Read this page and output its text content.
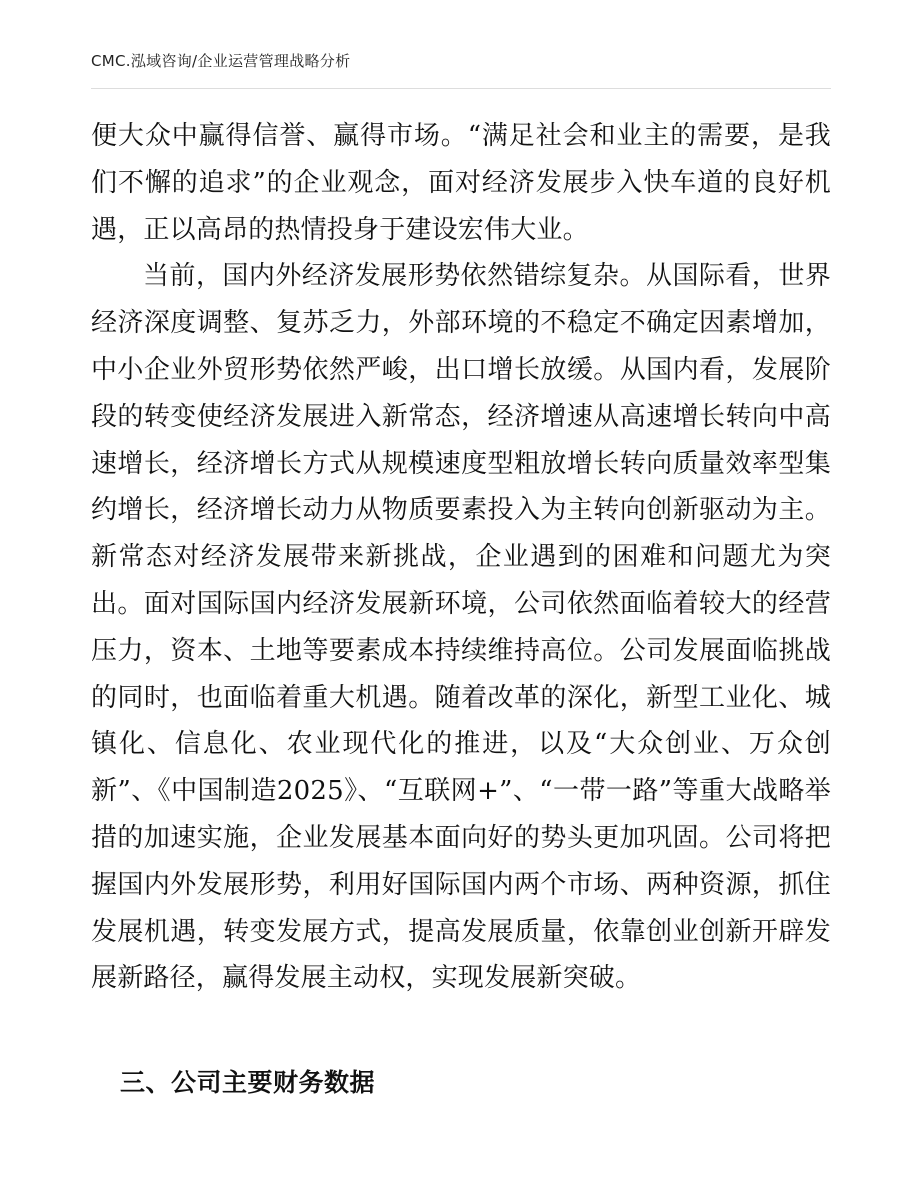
CMC.泓域咨询/企业运营管理战略分析

便大众中赢得信誉、赢得市场。“满足社会和业主的需要，是我们不懈的追求”的企业观念，面对经济发展步入快车道的良好机遇，正以高昂的热情投身于建设宏伟大业。

当前，国内外经济发展形势依然错综复杂。从国际看，世界经济深度调整、复苏乏力，外部环境的不稳定不确定因素增加，中小企业外贸形势依然严峻，出口增长放缓。从国内看，发展阶段的转变使经济发展进入新常态，经济增速从高速增长转向中高速增长，经济增长方式从规模速度型粗放增长转向质量效率型集约增长，经济增长动力从物质要素投入为主转向创新驱动为主。新常态对经济发展带来新挑战，企业遇到的困难和问题尤为突出。面对国际国内经济发展新环境，公司依然面临着较大的经营压力，资本、土地等要素成本持续维持高位。公司发展面临挑战的同时，也面临着重大机遇。随着改革的深化，新型工业化、城镇化、信息化、农业现代化的推进，以及“大众创业、万众创新”、《中国制造2025》、“互联网+”、“一带一路”等重大战略举措的加速实施，企业发展基本面向好的势头更加巩固。公司将把握国内外发展形势，利用好国际国内两个市场、两种资源，抓住发展机遇，转变发展方式，提高发展质量，依靠创业创新开辟发展新路径，赢得发展主动权，实现发展新突破。

三、公司主要财务数据
